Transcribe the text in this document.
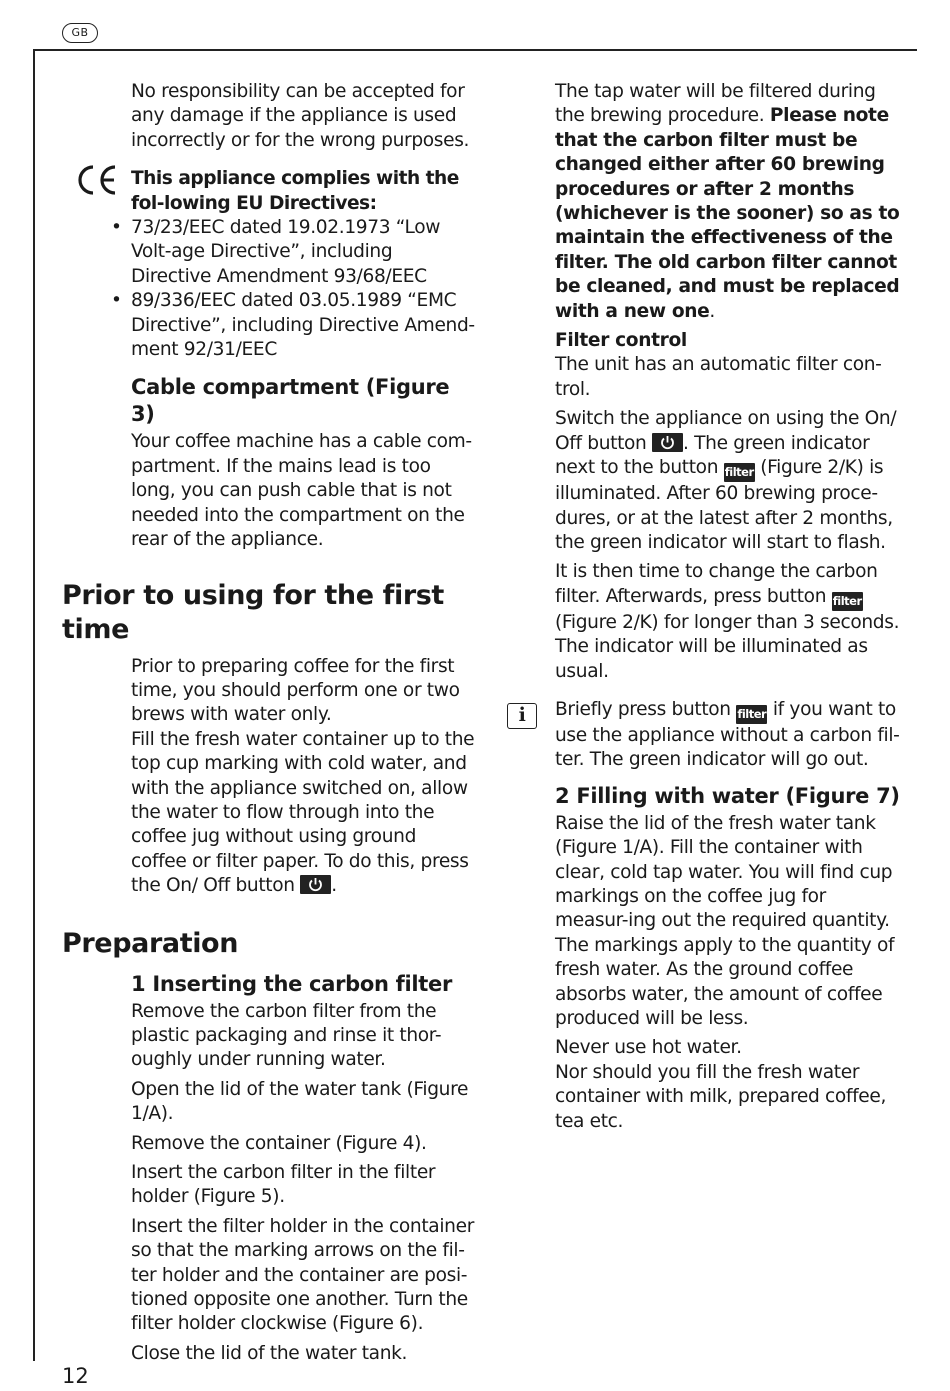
GB

No responsibility can be accepted for any damage if the appliance is used incorrectly or for the wrong purposes.

This appliance complies with the fol-lowing EU Directives:

• 73/23/EEC dated 19.02.1973 “Low Volt-age Directive”, including Directive Amendment 93/68/EEC
• 89/336/EEC dated 03.05.1989 “EMC Directive”, including Directive Amend-ment 92/31/EEC
Cable compartment (Figure 3)

Your coffee machine has a cable com-partment. If the mains lead is too long, you can push cable that is not needed into the compartment on the rear of the appliance.

Prior to using for the first time

Prior to preparing coffee for the first time, you should perform one or two brews with water only.

Fill the fresh water container up to the top cup marking with cold water, and with the appliance switched on, allow the water to flow through into the coffee jug without using ground coffee or filter paper. To do this, press the On/ Off button .

Preparation
1 Inserting the carbon filter

Remove the carbon filter from the plastic packaging and rinse it thor-oughly under running water.

Open the lid of the water tank (Figure 1/A).

Remove the container (Figure 4).

Insert the carbon filter in the filter holder (Figure 5).

Insert the filter holder in the container so that the marking arrows on the fil-ter holder and the container are posi-tioned opposite one another. Turn the filter holder clockwise (Figure 6).

Close the lid of the water tank.

The tap water will be filtered during the brewing procedure. Please note that the carbon filter must be changed either after 60 brewing procedures or after 2 months (whichever is the sooner) so as to maintain the effectiveness of the filter. The old carbon filter cannot be cleaned, and must be replaced with a new one.

Filter control

The unit has an automatic filter con-trol.

Switch the appliance on using the On/ Off button . The green indicator next to the button filter (Figure 2/K) is illuminated. After 60 brewing proce-dures, or at the latest after 2 months, the green indicator will start to flash.

It is then time to change the carbon filter. Afterwards, press button filter (Figure 2/K) for longer than 3 seconds. The indicator will be illuminated as usual.

i	Briefly press button filter if you want to use the appliance without a carbon fil-ter. The green indicator will go out.

2 Filling with water (Figure 7)

Raise the lid of the fresh water tank (Figure 1/A). Fill the container with clear, cold tap water. You will find cup markings on the coffee jug for measur-ing out the required quantity.

The markings apply to the quantity of fresh water. As the ground coffee absorbs water, the amount of coffee produced will be less.

Never use hot water.

Nor should you fill the fresh water container with milk, prepared coffee, tea etc.

12
